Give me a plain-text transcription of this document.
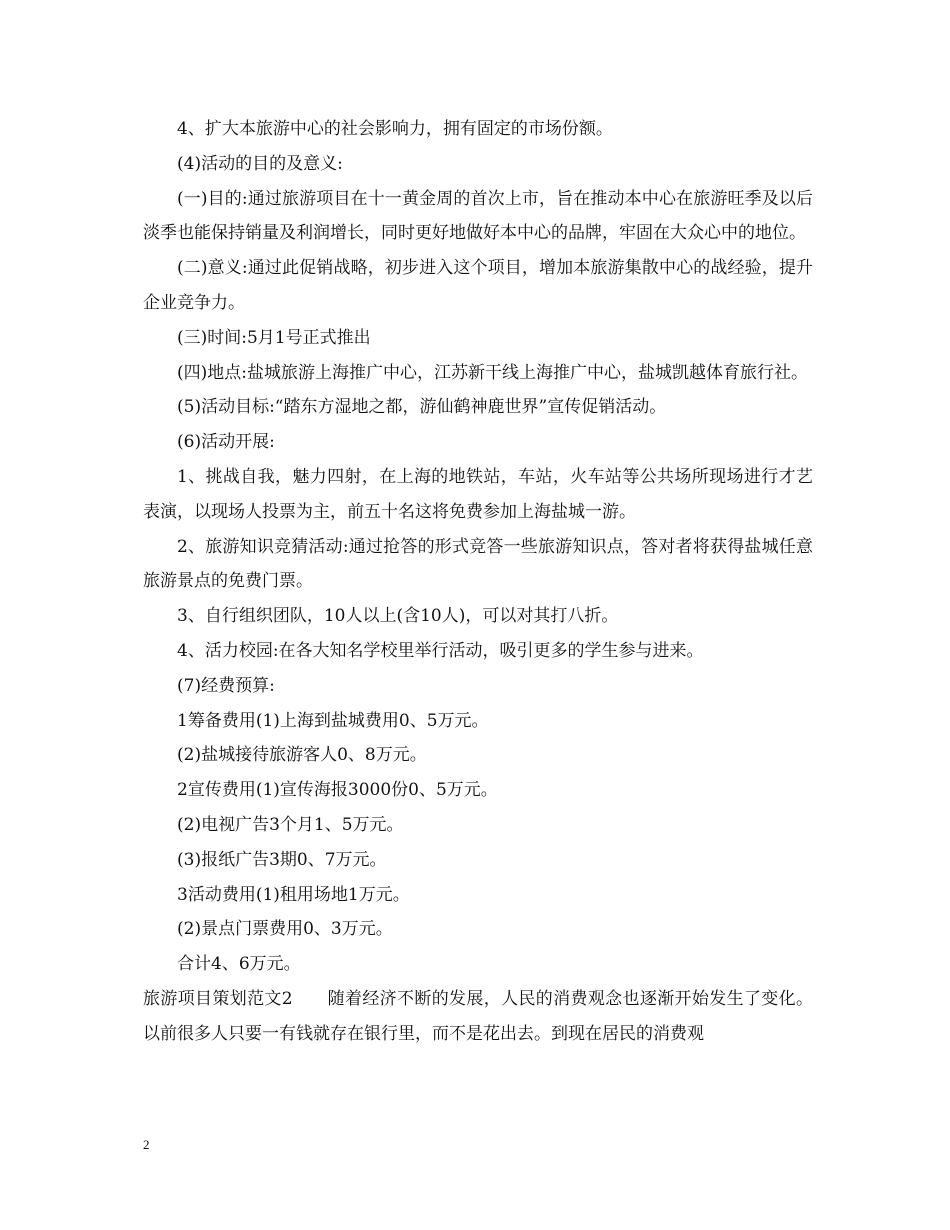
4、扩大本旅游中心的社会影响力，拥有固定的市场份额。

(4)活动的目的及意义:

(一)目的:通过旅游项目在十一黄金周的首次上市，旨在推动本中心在旅游旺季及以后淡季也能保持销量及利润增长，同时更好地做好本中心的品牌，牢固在大众心中的地位。

(二)意义:通过此促销战略，初步进入这个项目，增加本旅游集散中心的战经验，提升企业竞争力。

(三)时间:5月1号正式推出

(四)地点:盐城旅游上海推广中心，江苏新干线上海推广中心，盐城凯越体育旅行社。

(5)活动目标:“踏东方湿地之都，游仙鹤神鹿世界”宣传促销活动。

(6)活动开展:

1、挑战自我，魅力四射，在上海的地铁站，车站，火车站等公共场所现场进行才艺表演，以现场人投票为主，前五十名这将免费参加上海盐城一游。

2、旅游知识竞猜活动:通过抢答的形式竞答一些旅游知识点，答对者将获得盐城任意旅游景点的免费门票。

3、自行组织团队，10人以上(含10人)，可以对其打八折。

4、活力校园:在各大知名学校里举行活动，吸引更多的学生参与进来。

(7)经费预算:

1筹备费用(1)上海到盐城费用0、5万元。

(2)盐城接待旅游客人0、8万元。

2宣传费用(1)宣传海报3000份0、5万元。

(2)电视广告3个月1、5万元。

(3)报纸广告3期0、7万元。

3活动费用(1)租用场地1万元。

(2)景点门票费用0、3万元。

合计4、6万元。

旅游项目策划范文2　　随着经济不断的发展，人民的消费观念也逐渐开始发生了变化。以前很多人只要一有钱就存在银行里，而不是花出去。到现在居民的消费观

2
